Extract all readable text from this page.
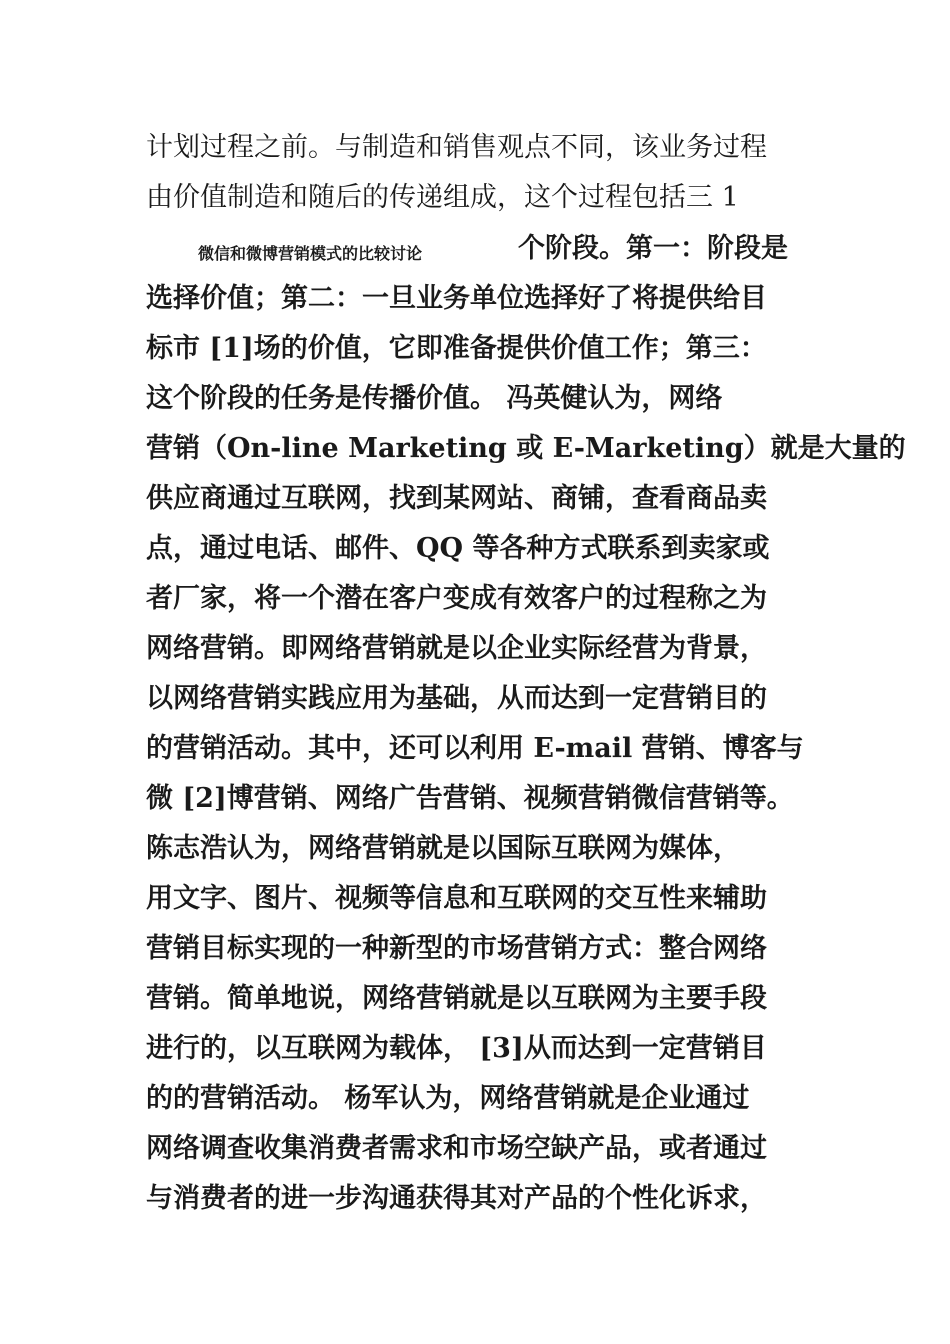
计划过程之前。与制造和销售观点不同，该业务过程
由价值制造和随后的传递组成，这个过程包括三 1
微信和微博营销模式的比较讨论	个阶段。第一：阶段是
选择价值；第二：一旦业务单位选择好了将提供给目
标市 [1]场的价值，它即准备提供价值工作；第三：
这个阶段的任务是传播价值。 冯英健认为，网络
营销（On-line Marketing 或 E-Marketing）就是大量的
供应商通过互联网，找到某网站、商铺，查看商品卖
点，通过电话、邮件、QQ 等各种方式联系到卖家或
者厂家，将一个潜在客户变成有效客户的过程称之为
网络营销。即网络营销就是以企业实际经营为背景，
以网络营销实践应用为基础，从而达到一定营销目的
的营销活动。其中，还可以利用 E-mail 营销、博客与
微 [2]博营销、网络广告营销、视频营销微信营销等。
陈志浩认为，网络营销就是以国际互联网为媒体，
用文字、图片、视频等信息和互联网的交互性来辅助
营销目标实现的一种新型的市场营销方式：整合网络
营销。简单地说，网络营销就是以互联网为主要手段
进行的，以互联网为载体， [3]从而达到一定营销目
的的营销活动。 杨军认为，网络营销就是企业通过
网络调查收集消费者需求和市场空缺产品，或者通过
与消费者的进一步沟通获得其对产品的个性化诉求，
